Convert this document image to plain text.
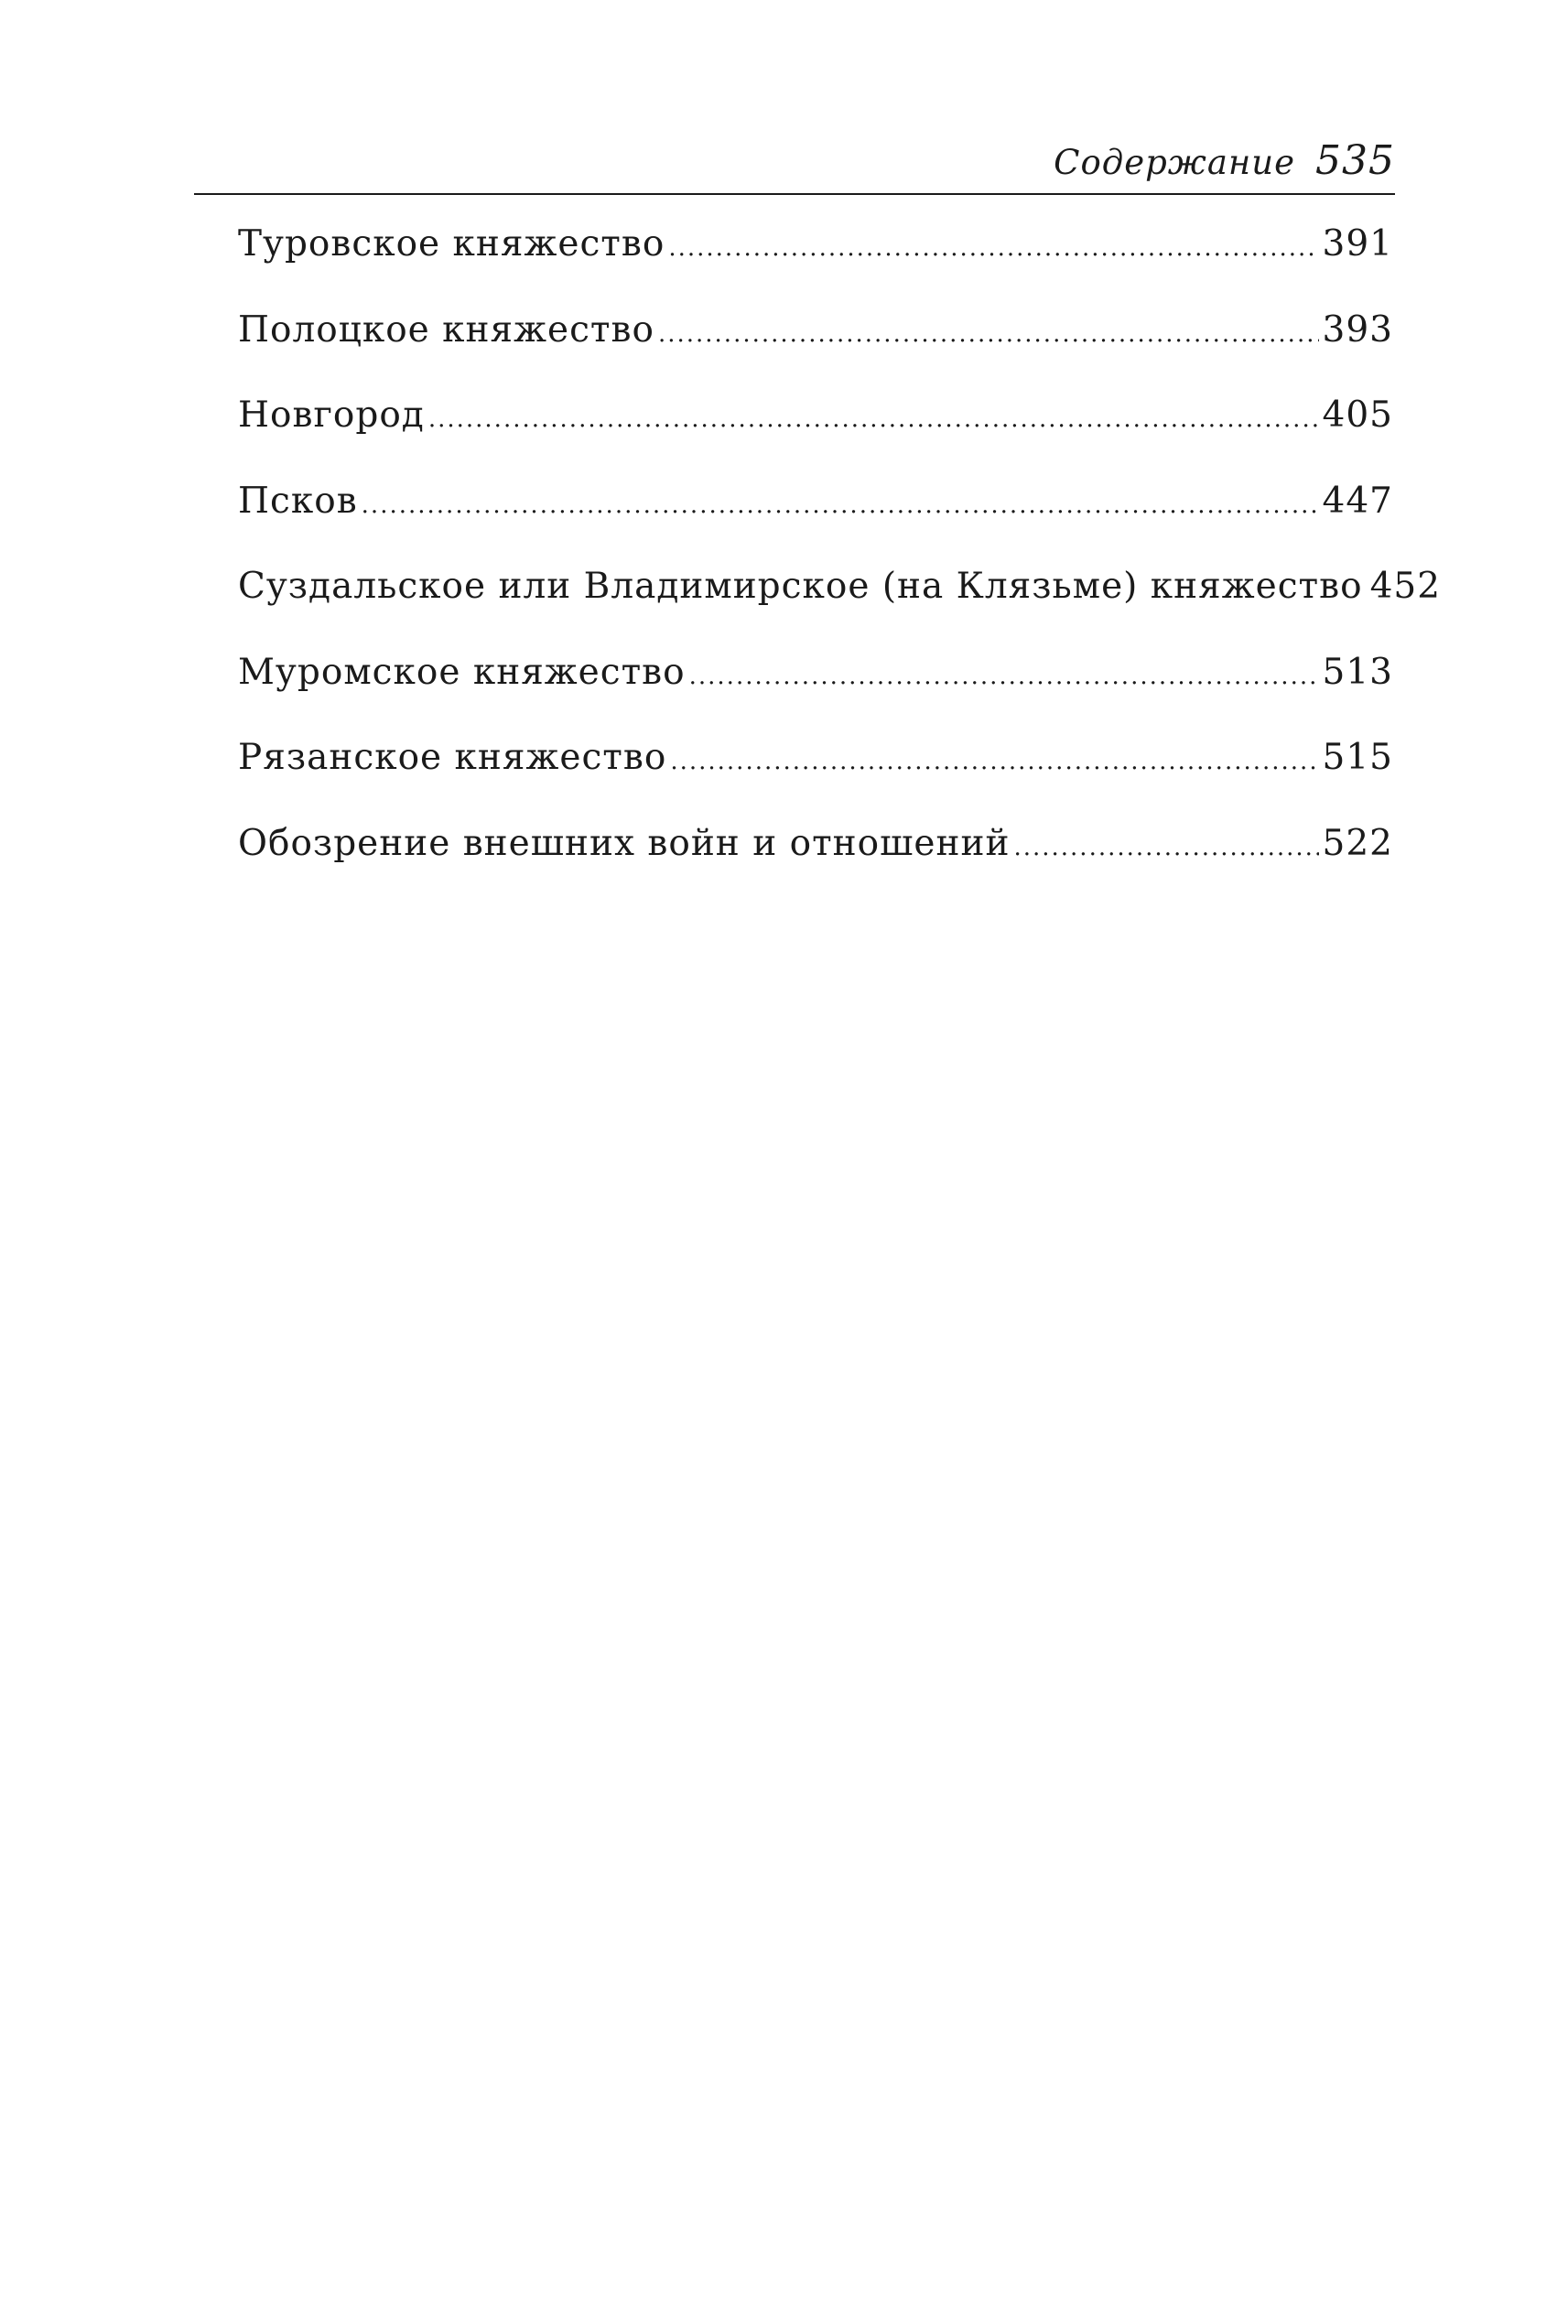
Содержание 535
Туровское княжество .....	391
Полоцкое княжество .....	393
Новгород .....	405
Псков .....	447
Суздальское или Владимирское (на Клязьме) княжество 452
Муромское княжество .....	513
Рязанское княжество .....	515
Обозрение внешних войн и отношений .....	522
